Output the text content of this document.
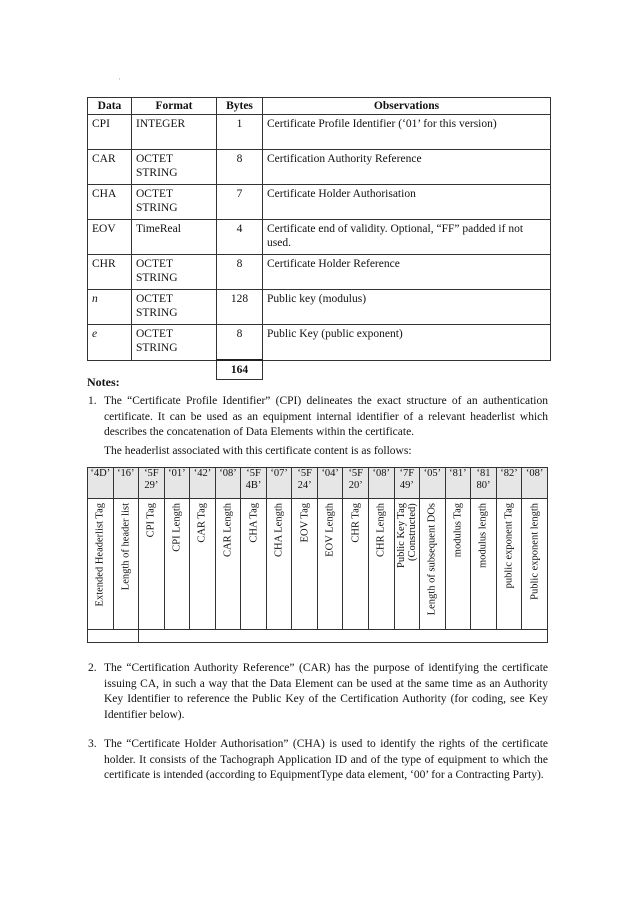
·
Data	Format	Bytes	Observations
CPI	INTEGER	1	Certificate Profile Identifier (‘01’ for this version)
CAR	OCTET STRING	8	Certification Authority Reference
CHA	OCTET STRING	7	Certificate Holder Authorisation
EOV	TimeReal	4	Certificate end of validity. Optional, “FF” padded if not used.
CHR	OCTET STRING	8	Certificate Holder Reference
n	OCTET STRING	128	Public key (modulus)
e	OCTET STRING	8	Public Key (public exponent)
		164	
Notes:
1. The “Certificate Profile Identifier” (CPI) delineates the exact structure of an authentication certificate. It can be used as an equipment internal identifier of a relevant headerlist which describes the concatenation of Data Elements within the certificate.
The headerlist associated with this certificate content is as follows:
‘4D’	‘16’	‘5F 29’	‘01’	‘42’	‘08’	‘5F 4B’	‘07’	‘5F 24’	‘04’	‘5F 20’	‘08’	‘7F 49’	‘05’	‘81’	‘81 80’	‘82’	‘08’

Extended Headerlist Tag	Length of header list	CPI Tag	CPI Length	CAR Tag	CAR Length	CHA Tag	CHA Length	EOV Tag	EOV Length	CHR Tag	CHR Length	Public Key Tag (Constructed)	Length of subsequent DOs	modulus Tag	modulus length	public exponent Tag	Public exponent length

2. The “Certification Authority Reference” (CAR) has the purpose of identifying the certificate issuing CA, in such a way that the Data Element can be used at the same time as an Authority Key Identifier to reference the Public Key of the Certification Authority (for coding, see Key Identifier below).
3. The “Certificate Holder Authorisation” (CHA) is used to identify the rights of the certificate holder. It consists of the Tachograph Application ID and of the type of equipment to which the certificate is intended (according to EquipmentType data element, ‘00’ for a Contracting Party).
